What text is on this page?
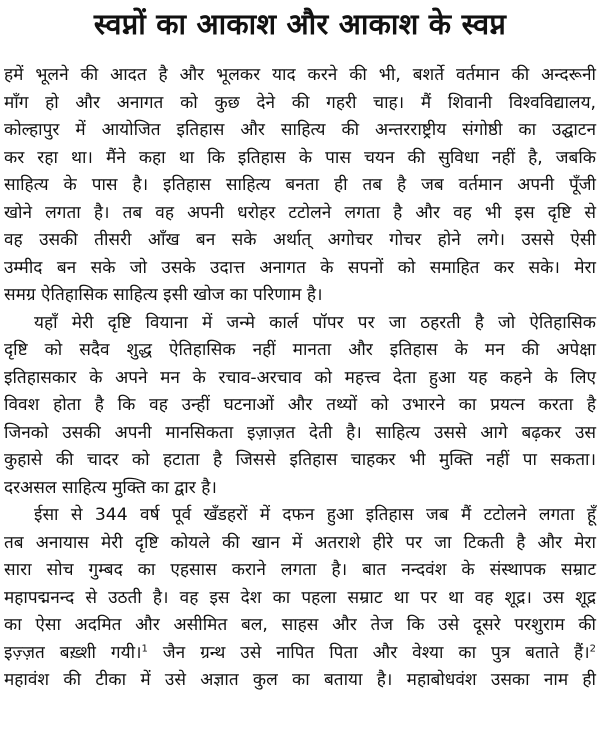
स्वप्नों का आकाश और आकाश के स्वप्न
हमें भूलने की आदत है और भूलकर याद करने की भी, बशर्ते वर्तमान की अन्दरूनी
माँग हो और अनागत को कुछ देने की गहरी चाह। मैं शिवानी विश्वविद्यालय,
कोल्हापुर में आयोजित इतिहास और साहित्य की अन्तरराष्ट्रीय संगोष्ठी का उद्घाटन
कर रहा था। मैंने कहा था कि इतिहास के पास चयन की सुविधा नहीं है, जबकि
साहित्य के पास है। इतिहास साहित्य बनता ही तब है जब वर्तमान अपनी पूँजी
खोने लगता है। तब वह अपनी धरोहर टटोलने लगता है और वह भी इस दृष्टि से
वह उसकी तीसरी आँख बन सके अर्थात् अगोचर गोचर होने लगे। उससे ऐसी
उम्मीद बन सके जो उसके उदात्त अनागत के सपनों को समाहित कर सके। मेरा
समग्र ऐतिहासिक साहित्य इसी खोज का परिणाम है।
यहाँ मेरी दृष्टि वियाना में जन्मे कार्ल पॉपर पर जा ठहरती है जो ऐतिहासिक
दृष्टि को सदैव शुद्ध ऐतिहासिक नहीं मानता और इतिहास के मन की अपेक्षा
इतिहासकार के अपने मन के रचाव-अरचाव को महत्त्व देता हुआ यह कहने के लिए
विवश होता है कि वह उन्हीं घटनाओं और तथ्यों को उभारने का प्रयत्न करता है
जिनको उसकी अपनी मानसिकता इज़ाज़त देती है। साहित्य उससे आगे बढ़कर उस
कुहासे की चादर को हटाता है जिससे इतिहास चाहकर भी मुक्ति नहीं पा सकता।
दरअसल साहित्य मुक्ति का द्वार है।
ईसा से 344 वर्ष पूर्व खँडहरों में दफन हुआ इतिहास जब मैं टटोलने लगता हूँ
तब अनायास मेरी दृष्टि कोयले की खान में अतराशे हीरे पर जा टिकती है और मेरा
सारा सोच गुम्बद का एहसास कराने लगता है। बात नन्दवंश के संस्थापक सम्राट
महापद्मनन्द से उठती है। वह इस देश का पहला सम्राट था पर था वह शूद्र। उस शूद्र
का ऐसा अदमित और असीमित बल, साहस और तेज कि उसे दूसरे परशुराम की
इज़्ज़त बख़्शी गयी।$^1$ जैन ग्रन्थ उसे नापित पिता और वेश्या का पुत्र बताते हैं।$^2$
महावंश की टीका में उसे अज्ञात कुल का बताया है। महाबोधवंश उसका नाम ही
